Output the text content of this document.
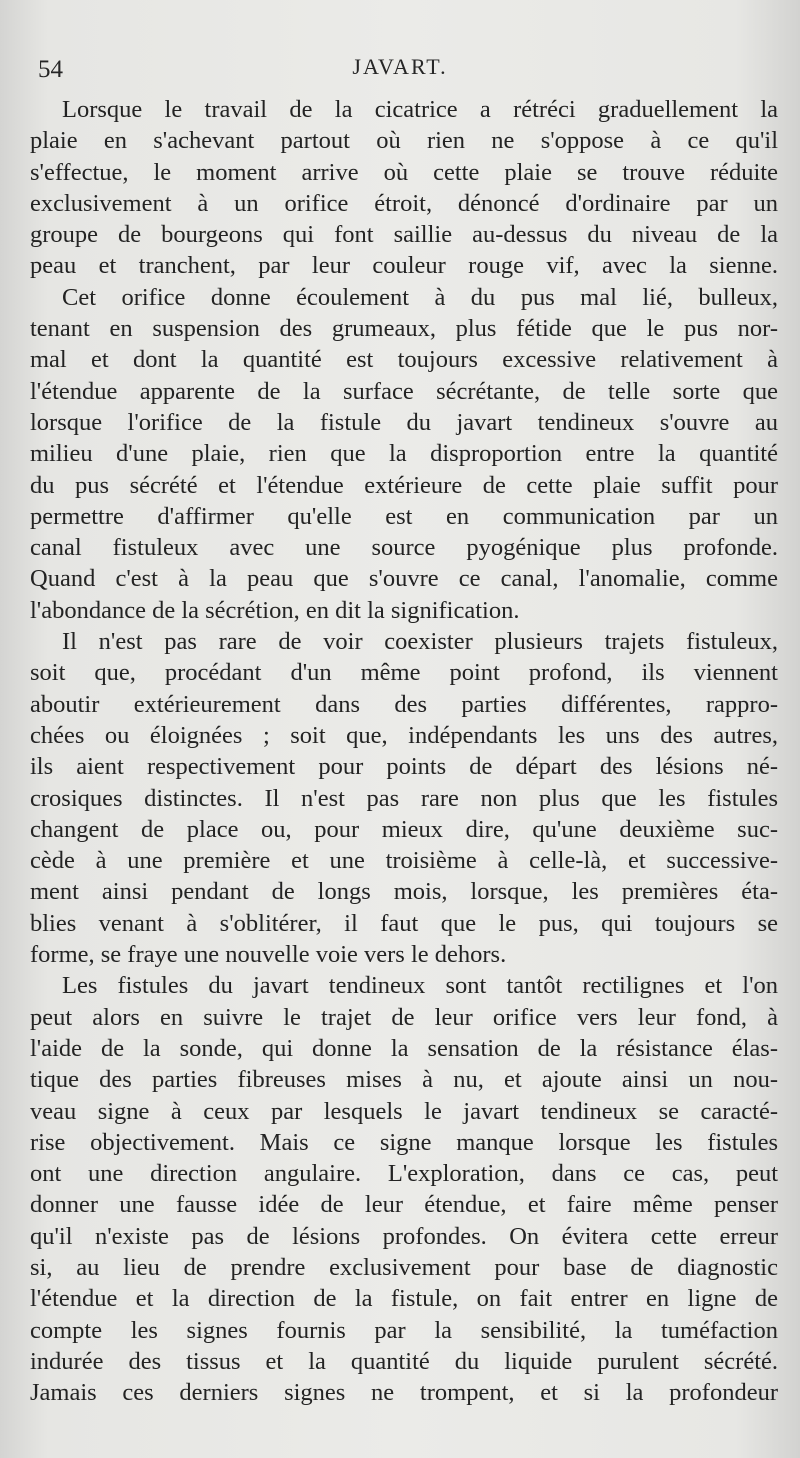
54	JAVART.
Lorsque le travail de la cicatrice a rétréci graduellement la
plaie en s'achevant partout où rien ne s'oppose à ce qu'il
s'effectue, le moment arrive où cette plaie se trouve réduite
exclusivement à un orifice étroit, dénoncé d'ordinaire par un
groupe de bourgeons qui font saillie au-dessus du niveau de la
peau et tranchent, par leur couleur rouge vif, avec la sienne.
Cet orifice donne écoulement à du pus mal lié, bulleux,
tenant en suspension des grumeaux, plus fétide que le pus nor-
mal et dont la quantité est toujours excessive relativement à
l'étendue apparente de la surface sécrétante, de telle sorte que
lorsque l'orifice de la fistule du javart tendineux s'ouvre au
milieu d'une plaie, rien que la disproportion entre la quantité
du pus sécrété et l'étendue extérieure de cette plaie suffit pour
permettre d'affirmer qu'elle est en communication par un
canal fistuleux avec une source pyogénique plus profonde.
Quand c'est à la peau que s'ouvre ce canal, l'anomalie, comme
l'abondance de la sécrétion, en dit la signification.
Il n'est pas rare de voir coexister plusieurs trajets fistuleux,
soit que, procédant d'un même point profond, ils viennent
aboutir extérieurement dans des parties différentes, rappro-
chées ou éloignées ; soit que, indépendants les uns des autres,
ils aient respectivement pour points de départ des lésions né-
crosiques distinctes. Il n'est pas rare non plus que les fistules
changent de place ou, pour mieux dire, qu'une deuxième suc-
cède à une première et une troisième à celle-là, et successive-
ment ainsi pendant de longs mois, lorsque, les premières éta-
blies venant à s'oblitérer, il faut que le pus, qui toujours se
forme, se fraye une nouvelle voie vers le dehors.
Les fistules du javart tendineux sont tantôt rectilignes et l'on
peut alors en suivre le trajet de leur orifice vers leur fond, à
l'aide de la sonde, qui donne la sensation de la résistance élas-
tique des parties fibreuses mises à nu, et ajoute ainsi un nou-
veau signe à ceux par lesquels le javart tendineux se caracté-
rise objectivement. Mais ce signe manque lorsque les fistules
ont une direction angulaire. L'exploration, dans ce cas, peut
donner une fausse idée de leur étendue, et faire même penser
qu'il n'existe pas de lésions profondes. On évitera cette erreur
si, au lieu de prendre exclusivement pour base de diagnostic
l'étendue et la direction de la fistule, on fait entrer en ligne de
compte les signes fournis par la sensibilité, la tuméfaction
indurée des tissus et la quantité du liquide purulent sécrété.
Jamais ces derniers signes ne trompent, et si la profondeur
